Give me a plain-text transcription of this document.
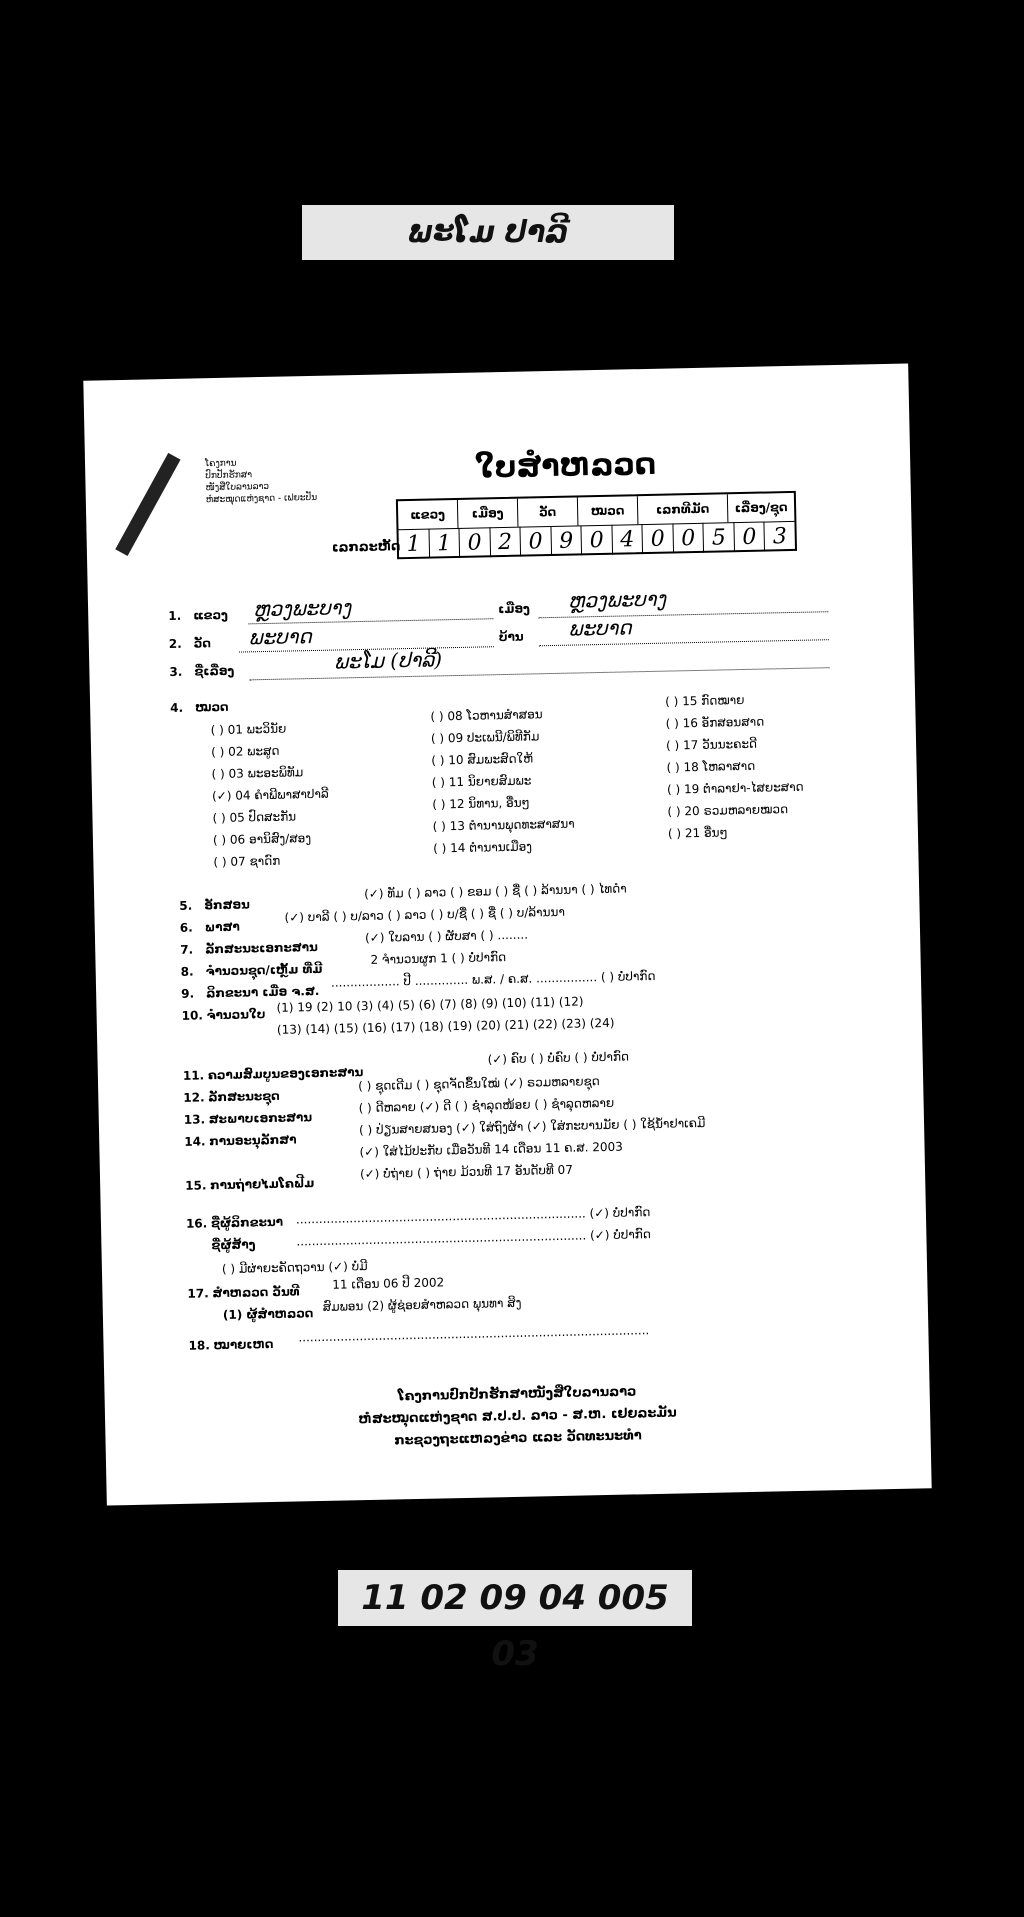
ພະໂມ ປາລີ
ໂຄງການ
ປົກປັກຮັກສາ
ໜັງສືໃບລານລາວ
ຫໍສະໝຸດແຫ່ງຊາດ - ເຟຍະປັນ
ໃບສຳຫລວດ
ເລກລະຫັດ
ແຂວງ	ເມືອງ	ວັດ	ໝວດ	ເລກທີມັດ	ເລື່ອງ/ຊຸດ
1 1 0 2 0 9 0 4 0 0 5 0 3
1. ແຂວງ ຫຼວງພະບາງ	ເມືອງ ຫຼວງພະບາງ
2. ວັດ ພະບາດ	ບ້ານ ພະບາດ
3. ຊື່ເລື່ອງ	ພະໂມ (ປາລີ)
4. ໝວດ
( ) 01 ພະວິນັຍ
( ) 02 ພະສູດ
( ) 03 ພະອະພິທັມ
(✓) 04 ຄຳພີພາສາປາລີ
( ) 05 ປົດສະກັນ
( ) 06 ອານິສົງ/ສອງ
( ) 07 ຊາດົກ
( ) 08 ໂວຫານສຳສອນ
( ) 09 ປະເພນີ/ພິທີກັມ
( ) 10 ສົມພະສົດໃຫ້
( ) 11 ນິຍາຍສົມພະ
( ) 12 ນິທານ, ອື່ນໆ
( ) 13 ຕຳນານພຸດທະສາສນາ
( ) 14 ຕຳນານເມືອງ
( ) 15 ກົດໝາຍ
( ) 16 ອັກສອນສາດ
( ) 17 ວັນນະຄະດີ
( ) 18 ໂຫລາສາດ
( ) 19 ຕຳລາຢາ-ໄສຍະສາດ
( ) 20 ຣວມຫລາຍໝວດ
( ) 21 ອື່ນໆ
5. ອັກສອນ
(✓) ທັມ ( ) ລາວ ( ) ຂອມ ( ) ຊື່ ( ) ລ້ານນາ ( ) ໄທດຳ
6. ພາສາ
(✓) ບາລີ ( ) ບ/ລາວ ( ) ລາວ ( ) ບ/ຊື່ ( ) ຊື່ ( ) ບ/ລ້ານນາ
7. ລັກສະນະເອກະສານ
(✓) ໃບລານ ( ) ຜັບສາ ( ) ........
8. ຈຳນວນຊຸດ/ເຫຼັ້ມ ທີ່ມີ
2 ຈຳນວນຜູກ 1 ( ) ບໍ່ປາກົດ
9. ລິກຂະນາ ເມື່ອ ຈ.ສ.
.................. ປີ .............. ພ.ສ. / ຄ.ສ. ................ ( ) ບໍ່ປາກົດ
10. ຈຳນວນໃບ (1) 19 (2) 10 (3) (4) (5) (6) (7) (8) (9) (10) (11) (12)
(13) (14) (15) (16) (17) (18) (19) (20) (21) (22) (23) (24)
11. ຄວາມສົມບູນຂອງເອກະສານ
(✓) ຄົບ ( ) ບໍ່ຄົບ ( ) ບໍ່ປາກົດ
12. ລັກສະນະຊຸດ
( ) ຊຸດເດີມ ( ) ຊຸດຈັດຂຶ້ນໃໝ່ (✓) ຣວມຫລາຍຊຸດ
13. ສະພາບເອກະສານ
( ) ດີຫລາຍ (✓) ດີ ( ) ຊຳລຸດໜ້ອຍ ( ) ຊຳລຸດຫລາຍ
14. ການອະນຸລັກສາ
( ) ປ່ຽນສາຍສນອງ (✓) ໃສ່ຖົງຜ້າ (✓) ໃສ່ກະບານມັຍ ( ) ໃຊ້ນ້ຳຢາເຄມີ
(✓) ໃສ່ໄມ້ປະກັບ ເມື່ອວັນທີ 14 ເດືອນ 11 ຄ.ສ. 2003
15. ການຖ່າຍໄມໂຄຟີມ
(✓) ບໍ່ຖ່າຍ ( ) ຖ່າຍ ມ້ວນທີ 17 ອັນດັບທີ 07
16. ຊື່ຜູ້ລິກຂະນາ ............................................................................ (✓) ບໍ່ປາກົດ
ຊື່ຜູ້ສ້າງ	............................................................................ (✓) ບໍ່ປາກົດ
( ) ມີຜ່າຍະຄັດຖວານ (✓) ບໍ່ມີ
17. ສຳຫລວດ ວັນທີ
11 ເດືອນ 06 ປີ 2002
(1) ຜູ້ສຳຫລວດ
ສົມພອນ (2) ຜູ້ຊ່ອຍສຳຫລວດ ພຸນທາ ສິງ
18. ໝາຍເຫດ
............................................................................................
ໂຄງການປົກປັກຮັກສາໜັງສືໃບລານລາວ
ຫໍສະໝຸດແຫ່ງຊາດ ສ.ປ.ປ. ລາວ - ສ.ຫ. ເຢຍລະມັນ
ກະຊວງຖະແຫລງຂ່າວ ແລະ ວັດທະນະທຳ
11 02 09 04 005 03
